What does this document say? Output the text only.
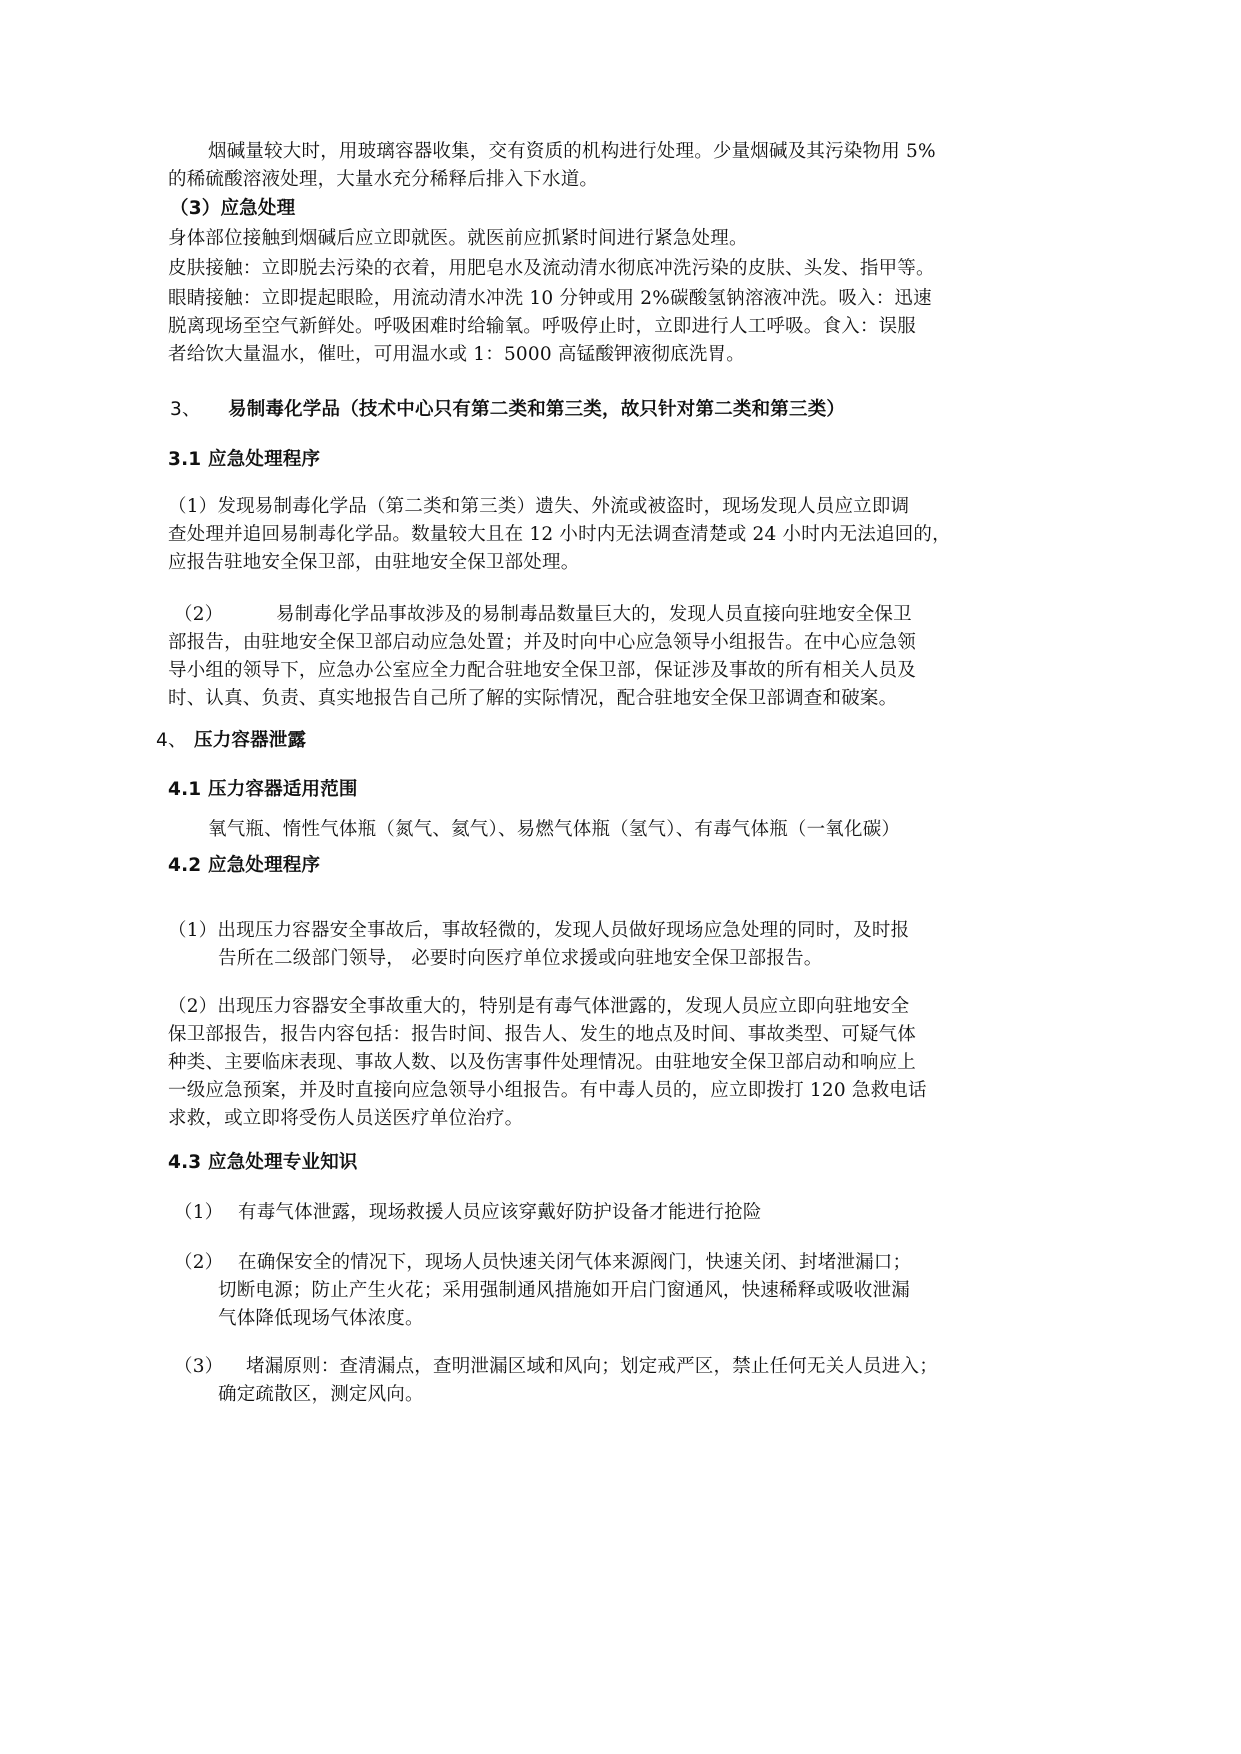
烟碱量较大时，用玻璃容器收集，交有资质的机构进行处理。少量烟碱及其污染物用 5%
的稀硫酸溶液处理，大量水充分稀释后排入下水道。
（3）应急处理
身体部位接触到烟碱后应立即就医。就医前应抓紧时间进行紧急处理。
皮肤接触：立即脱去污染的衣着，用肥皂水及流动清水彻底冲洗污染的皮肤、头发、指甲等。
眼睛接触：立即提起眼睑，用流动清水冲洗 10 分钟或用 2%碳酸氢钠溶液冲洗。吸入：迅速
脱离现场至空气新鲜处。呼吸困难时给输氧。呼吸停止时，立即进行人工呼吸。食入：误服
者给饮大量温水，催吐，可用温水或 1：5000 高锰酸钾液彻底洗胃。
3、 易制毒化学品（技术中心只有第二类和第三类，故只针对第二类和第三类）
3.1 应急处理程序
（1）发现易制毒化学品（第二类和第三类）遗失、外流或被盗时，现场发现人员应立即调
查处理并追回易制毒化学品。数量较大且在 12 小时内无法调查清楚或 24 小时内无法追回的，
应报告驻地安全保卫部，由驻地安全保卫部处理。
（2）	易制毒化学品事故涉及的易制毒品数量巨大的，发现人员直接向驻地安全保卫
部报告，由驻地安全保卫部启动应急处置；并及时向中心应急领导小组报告。在中心应急领
导小组的领导下，应急办公室应全力配合驻地安全保卫部，保证涉及事故的所有相关人员及
时、认真、负责、真实地报告自己所了解的实际情况，配合驻地安全保卫部调查和破案。
4、 压力容器泄露
4.1 压力容器适用范围
氧气瓶、惰性气体瓶（氮气、氦气）、易燃气体瓶（氢气）、有毒气体瓶（一氧化碳）
4.2 应急处理程序
（1）出现压力容器安全事故后，事故轻微的，发现人员做好现场应急处理的同时，及时报
告所在二级部门领导， 必要时向医疗单位求援或向驻地安全保卫部报告。
（2）出现压力容器安全事故重大的，特别是有毒气体泄露的，发现人员应立即向驻地安全
保卫部报告，报告内容包括：报告时间、报告人、发生的地点及时间、事故类型、可疑气体
种类、主要临床表现、事故人数、以及伤害事件处理情况。由驻地安全保卫部启动和响应上
一级应急预案，并及时直接向应急领导小组报告。有中毒人员的，应立即拨打 120 急救电话
求救，或立即将受伤人员送医疗单位治疗。
4.3 应急处理专业知识
（1） 有毒气体泄露，现场救援人员应该穿戴好防护设备才能进行抢险
（2） 在确保安全的情况下，现场人员快速关闭气体来源阀门，快速关闭、封堵泄漏口；
切断电源；防止产生火花；采用强制通风措施如开启门窗通风，快速稀释或吸收泄漏
气体降低现场气体浓度。
（3） 堵漏原则：查清漏点，查明泄漏区域和风向；划定戒严区，禁止任何无关人员进入；
确定疏散区，测定风向。
